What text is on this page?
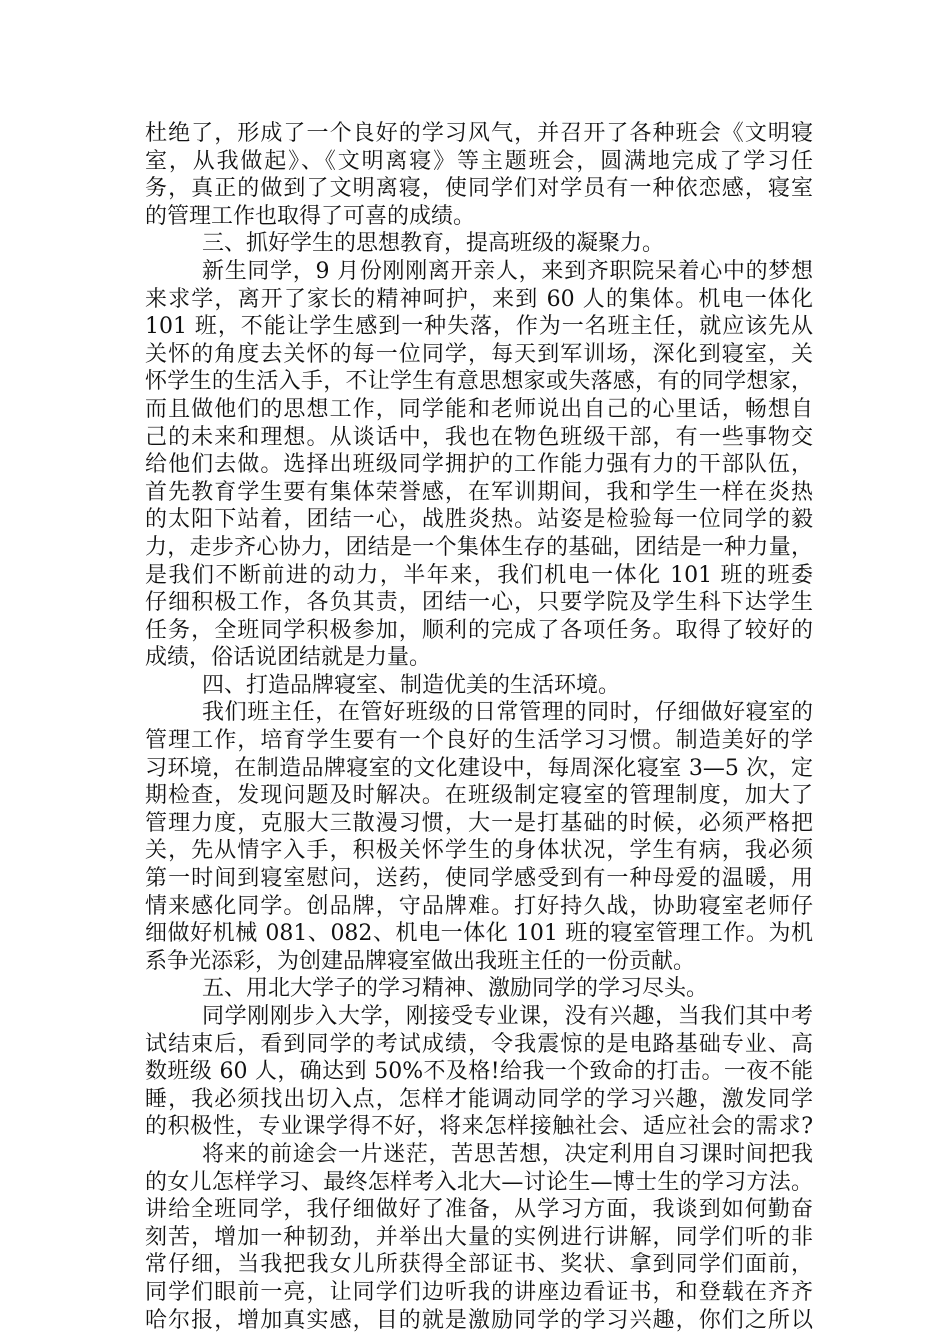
杜绝了，形成了一个良好的学习风气，并召开了各种班会《文明寝
室，从我做起》、《文明离寝》等主题班会，圆满地完成了学习任
务，真正的做到了文明离寝，使同学们对学员有一种依恋感，寝室
的管理工作也取得了可喜的成绩。
三、抓好学生的思想教育，提高班级的凝聚力。
新生同学，9 月份刚刚离开亲人，来到齐职院呆着心中的梦想
来求学，离开了家长的精神呵护，来到 60 人的集体。机电一体化
101 班，不能让学生感到一种失落，作为一名班主任，就应该先从
关怀的角度去关怀的每一位同学，每天到军训场，深化到寝室，关
怀学生的生活入手，不让学生有意思想家或失落感，有的同学想家，
而且做他们的思想工作，同学能和老师说出自己的心里话，畅想自
己的未来和理想。从谈话中，我也在物色班级干部，有一些事物交
给他们去做。选择出班级同学拥护的工作能力强有力的干部队伍，
首先教育学生要有集体荣誉感，在军训期间，我和学生一样在炎热
的太阳下站着，团结一心，战胜炎热。站姿是检验每一位同学的毅
力，走步齐心协力，团结是一个集体生存的基础，团结是一种力量，
是我们不断前进的动力，半年来，我们机电一体化 101 班的班委
仔细积极工作，各负其责，团结一心，只要学院及学生科下达学生
任务，全班同学积极参加，顺利的完成了各项任务。取得了较好的
成绩，俗话说团结就是力量。
四、打造品牌寝室、制造优美的生活环境。
我们班主任，在管好班级的日常管理的同时，仔细做好寝室的
管理工作，培育学生要有一个良好的生活学习习惯。制造美好的学
习环境，在制造品牌寝室的文化建设中，每周深化寝室 3—5 次，定
期检查，发现问题及时解决。在班级制定寝室的管理制度，加大了
管理力度，克服大三散漫习惯，大一是打基础的时候，必须严格把
关，先从情字入手，积极关怀学生的身体状况，学生有病，我必须
第一时间到寝室慰问，送药，使同学感受到有一种母爱的温暖，用
情来感化同学。创品牌，守品牌难。打好持久战，协助寝室老师仔
细做好机械 081、082、机电一体化 101 班的寝室管理工作。为机
系争光添彩，为创建品牌寝室做出我班主任的一份贡献。
五、用北大学子的学习精神、激励同学的学习尽头。
同学刚刚步入大学，刚接受专业课，没有兴趣，当我们其中考
试结束后，看到同学的考试成绩，令我震惊的是电路基础专业、高
数班级 60 人，确达到 50%不及格!给我一个致命的打击。一夜不能
睡，我必须找出切入点，怎样才能调动同学的学习兴趣，激发同学
的积极性，专业课学得不好，将来怎样接触社会、适应社会的需求?
将来的前途会一片迷茫，苦思苦想，决定利用自习课时间把我
的女儿怎样学习、最终怎样考入北大—讨论生—博士生的学习方法。
讲给全班同学，我仔细做好了准备，从学习方面，我谈到如何勤奋
刻苦，增加一种韧劲，并举出大量的实例进行讲解，同学们听的非
常仔细，当我把我女儿所获得全部证书、奖状、拿到同学们面前，
同学们眼前一亮，让同学们边听我的讲座边看证书，和登载在齐齐
哈尔报，增加真实感，目的就是激励同学的学习兴趣，你们之所以
